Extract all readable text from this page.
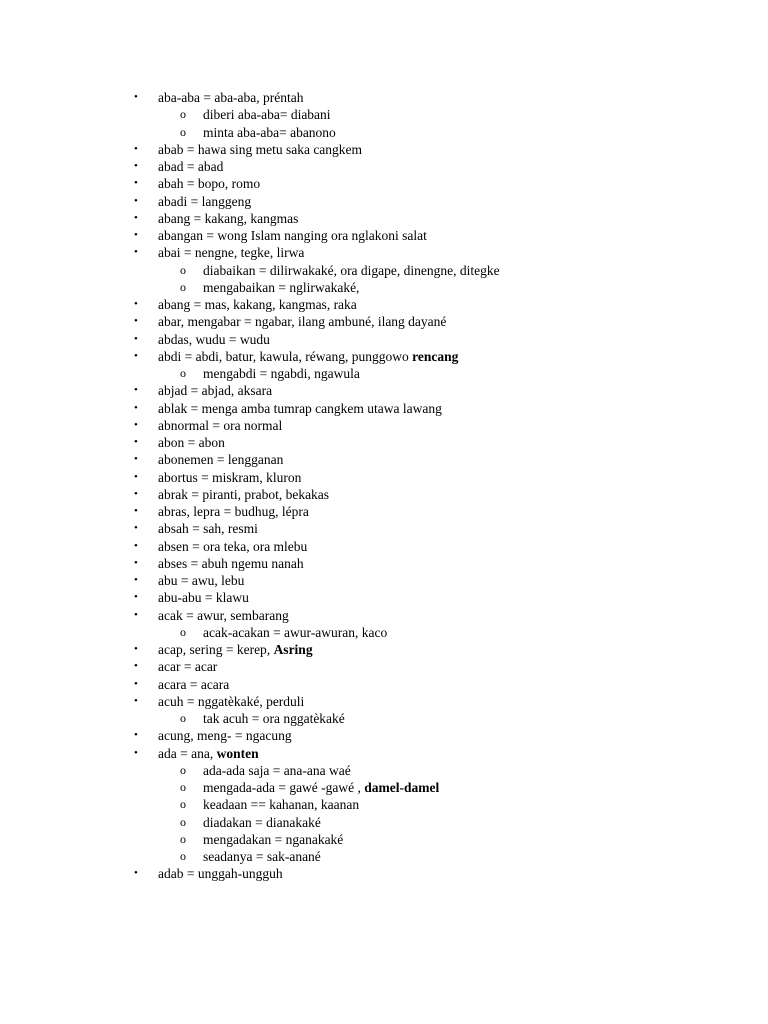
• aba-aba = aba-aba, préntah
o diberi aba-aba= diabani
o minta aba-aba= abanono
• abab = hawa sing metu saka cangkem
• abad = abad
• abah = bopo, romo
• abadi = langgeng
• abang = kakang, kangmas
• abangan = wong Islam nanging ora nglakoni salat
• abai = nengne, tegke, lirwa
o diabaikan = dilirwakaké, ora digape, dinengne, ditegke
o mengabaikan = nglirwakaké,
• abang = mas, kakang, kangmas, raka
• abar, mengabar = ngabar, ilang ambuné, ilang dayané
• abdas, wudu = wudu
• abdi = abdi, batur, kawula, réwang, punggowo rencang
o mengabdi = ngabdi, ngawula
• abjad = abjad, aksara
• ablak = menga amba tumrap cangkem utawa lawang
• abnormal = ora normal
• abon = abon
• abonemen = lengganan
• abortus = miskram, kluron
• abrak = piranti, prabot, bekakas
• abras, lepra = budhug, lépra
• absah = sah, resmi
• absen = ora teka, ora mlebu
• abses = abuh ngemu nanah
• abu = awu, lebu
• abu-abu = klawu
• acak = awur, sembarang
o acak-acakan = awur-awuran, kaco
• acap, sering = kerep, Asring
• acar = acar
• acara = acara
• acuh = nggatèkaké, perduli
o tak acuh = ora nggatèkaké
• acung, meng- = ngacung
• ada = ana, wonten
o ada-ada saja = ana-ana waé
o mengada-ada = gawé -gawé , damel-damel
o keadaan == kahanan, kaanan
o diadakan = dianakaké
o mengadakan = nganakaké
o seadanya = sak-anané
• adab = unggah-ungguh
